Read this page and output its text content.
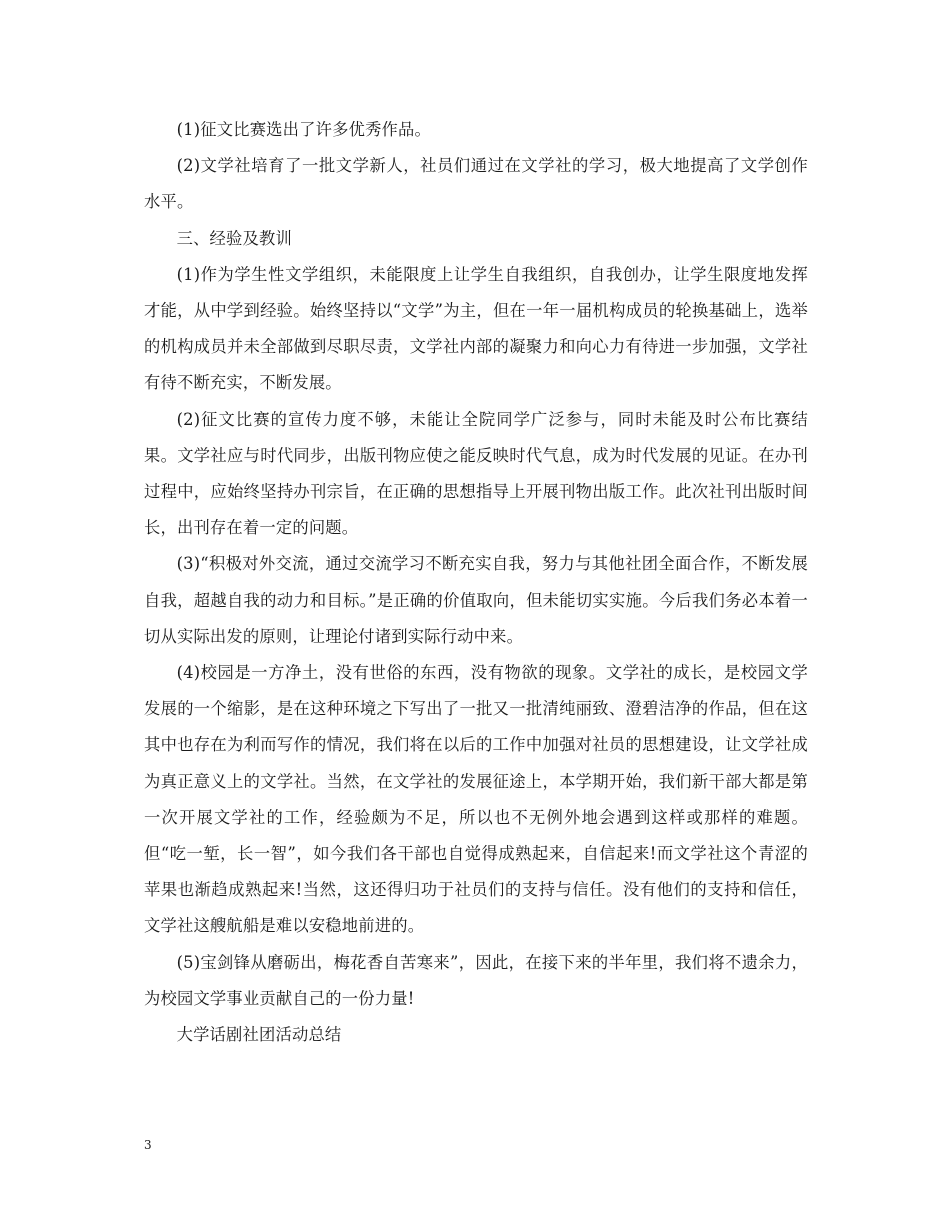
(1)征文比赛选出了许多优秀作品。

(2)文学社培育了一批文学新人，社员们通过在文学社的学习，极大地提高了文学创作水平。

三、经验及教训

(1)作为学生性文学组织，未能限度上让学生自我组织，自我创办，让学生限度地发挥才能，从中学到经验。始终坚持以“文学”为主，但在一年一届机构成员的轮换基础上，选举的机构成员并未全部做到尽职尽责，文学社内部的凝聚力和向心力有待进一步加强，文学社有待不断充实，不断发展。

(2)征文比赛的宣传力度不够，未能让全院同学广泛参与，同时未能及时公布比赛结果。文学社应与时代同步，出版刊物应使之能反映时代气息，成为时代发展的见证。在办刊过程中，应始终坚持办刊宗旨，在正确的思想指导上开展刊物出版工作。此次社刊出版时间长，出刊存在着一定的问题。

(3)“积极对外交流，通过交流学习不断充实自我，努力与其他社团全面合作，不断发展自我，超越自我的动力和目标。”是正确的价值取向，但未能切实实施。今后我们务必本着一切从实际出发的原则，让理论付诸到实际行动中来。

(4)校园是一方净土，没有世俗的东西，没有物欲的现象。文学社的成长，是校园文学发展的一个缩影，是在这种环境之下写出了一批又一批清纯丽致、澄碧洁净的作品，但在这其中也存在为利而写作的情况，我们将在以后的工作中加强对社员的思想建设，让文学社成为真正意义上的文学社。当然，在文学社的发展征途上，本学期开始，我们新干部大都是第一次开展文学社的工作，经验颇为不足，所以也不无例外地会遇到这样或那样的难题。但“吃一堑，长一智”，如今我们各干部也自觉得成熟起来，自信起来!而文学社这个青涩的苹果也渐趋成熟起来!当然，这还得归功于社员们的支持与信任。没有他们的支持和信任，文学社这艘航船是难以安稳地前进的。

(5)宝剑锋从磨砺出，梅花香自苦寒来”，因此，在接下来的半年里，我们将不遗余力，为校园文学事业贡献自己的一份力量!

大学话剧社团活动总结

3
